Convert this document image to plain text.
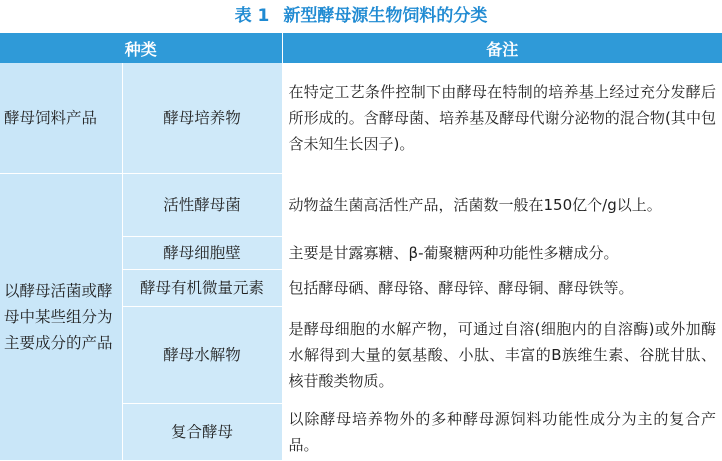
表 1 新型酵母源生物饲料的分类
种类		备注
酵母饲料产品	酵母培养物	在特定工艺条件控制下由酵母在特制的培养基上经过充分发酵后所形成的。含酵母菌、培养基及酵母代谢分泌物的混合物(其中包含未知生长因子)。
以酵母活菌或酵母中某些组分为主要成分的产品	活性酵母菌	动物益生菌高活性产品，活菌数一般在150亿个/g以上。
	酵母细胞壁	主要是甘露寡糖、β-葡聚糖两种功能性多糖成分。
	酵母有机微量元素	包括酵母硒、酵母铬、酵母锌、酵母铜、酵母铁等。
	酵母水解物	是酵母细胞的水解产物，可通过自溶(细胞内的自溶酶)或外加酶水解得到大量的氨基酸、小肽、丰富的B族维生素、谷胱甘肽、核苷酸类物质。
	复合酵母	以除酵母培养物外的多种酵母源饲料功能性成分为主的复合产品。
